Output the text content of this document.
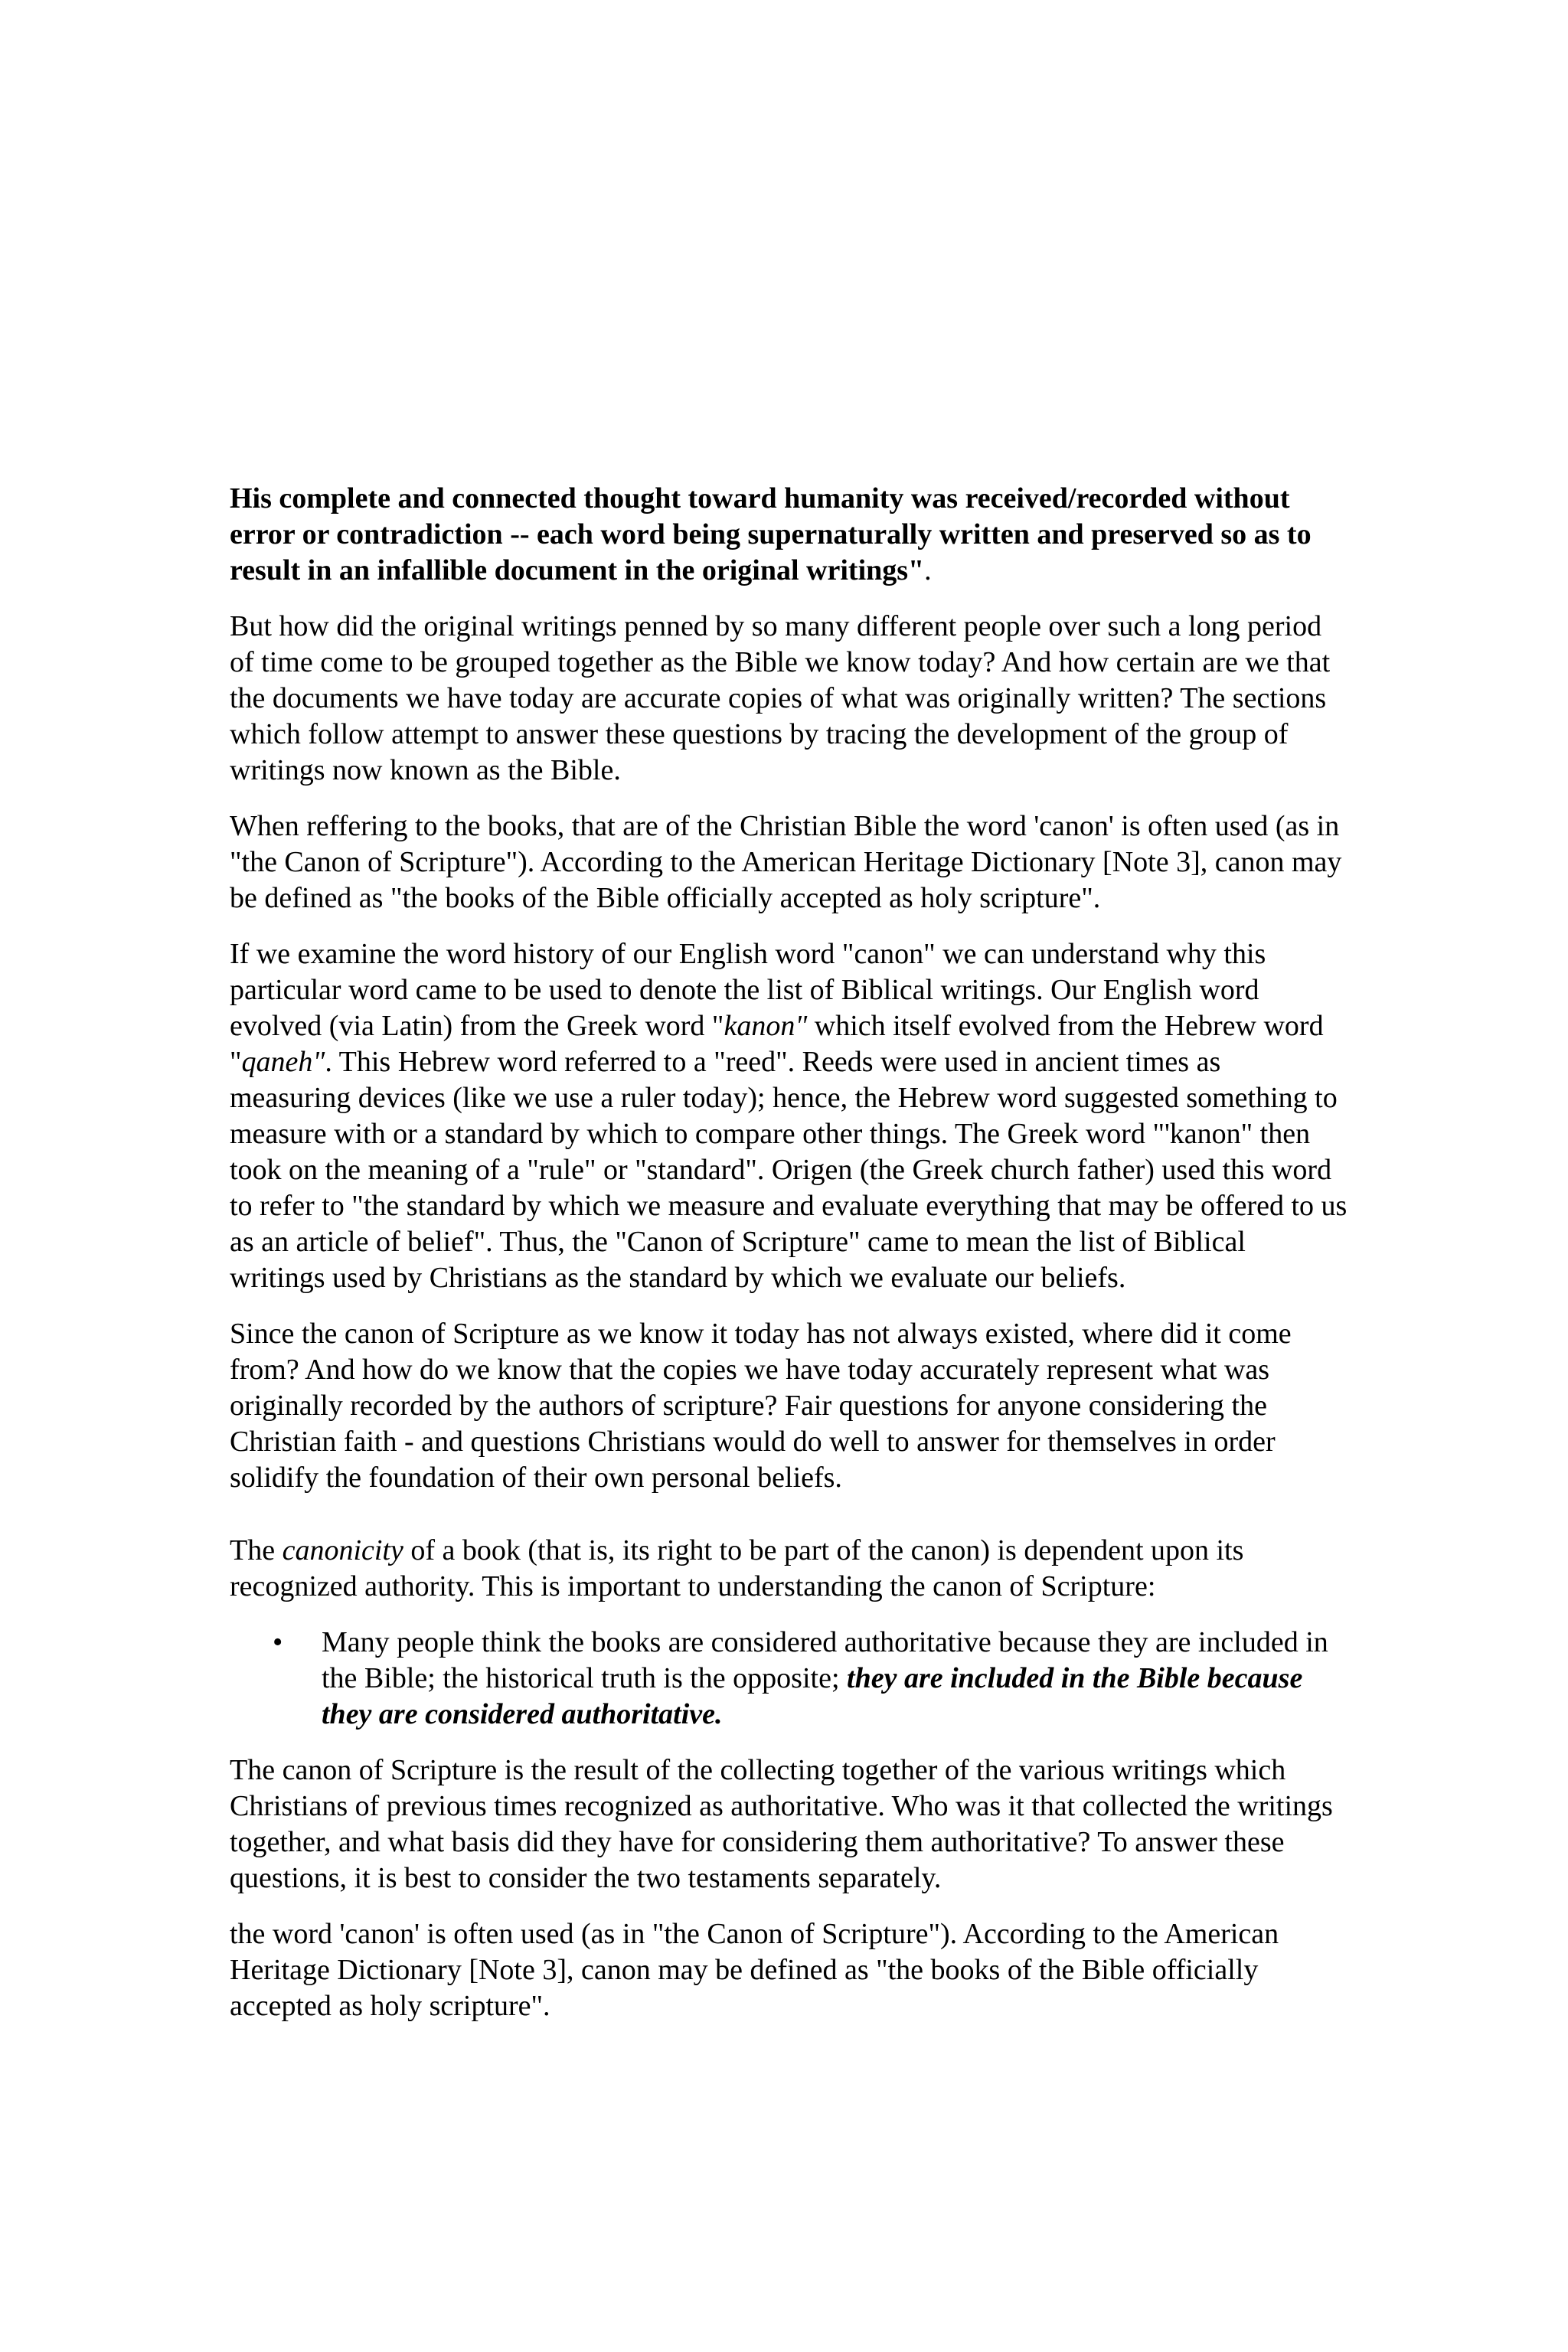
His complete and connected thought toward humanity was received/recorded without error or contradiction -- each word being supernaturally written and preserved so as to result in an infallible document in the original writings".

But how did the original writings penned by so many different people over such a long period of time come to be grouped together as the Bible we know today? And how certain are we that the documents we have today are accurate copies of what was originally written? The sections which follow attempt to answer these questions by tracing the development of the group of writings now known as the Bible.

When reffering to the books, that are of the Christian Bible the word 'canon' is often used (as in "the Canon of Scripture"). According to the American Heritage Dictionary [Note 3], canon may be defined as "the books of the Bible officially accepted as holy scripture".

If we examine the word history of our English word "canon" we can understand why this particular word came to be used to denote the list of Biblical writings. Our English word evolved (via Latin) from the Greek word "kanon" which itself evolved from the Hebrew word "qaneh". This Hebrew word referred to a "reed". Reeds were used in ancient times as measuring devices (like we use a ruler today); hence, the Hebrew word suggested something to measure with or a standard by which to compare other things. The Greek word "'kanon" then took on the meaning of a "rule" or "standard". Origen (the Greek church father) used this word to refer to "the standard by which we measure and evaluate everything that may be offered to us as an article of belief". Thus, the "Canon of Scripture" came to mean the list of Biblical writings used by Christians as the standard by which we evaluate our beliefs.

Since the canon of Scripture as we know it today has not always existed, where did it come from? And how do we know that the copies we have today accurately represent what was originally recorded by the authors of scripture? Fair questions for anyone considering the Christian faith - and questions Christians would do well to answer for themselves in order solidify the foundation of their own personal beliefs.

The canonicity of a book (that is, its right to be part of the canon) is dependent upon its recognized authority. This is important to understanding the canon of Scripture:

• Many people think the books are considered authoritative because they are included in the Bible; the historical truth is the opposite; they are included in the Bible because they are considered authoritative.

The canon of Scripture is the result of the collecting together of the various writings which Christians of previous times recognized as authoritative. Who was it that collected the writings together, and what basis did they have for considering them authoritative? To answer these questions, it is best to consider the two testaments separately.

the word 'canon' is often used (as in "the Canon of Scripture"). According to the American Heritage Dictionary [Note 3], canon may be defined as "the books of the Bible officially accepted as holy scripture".
